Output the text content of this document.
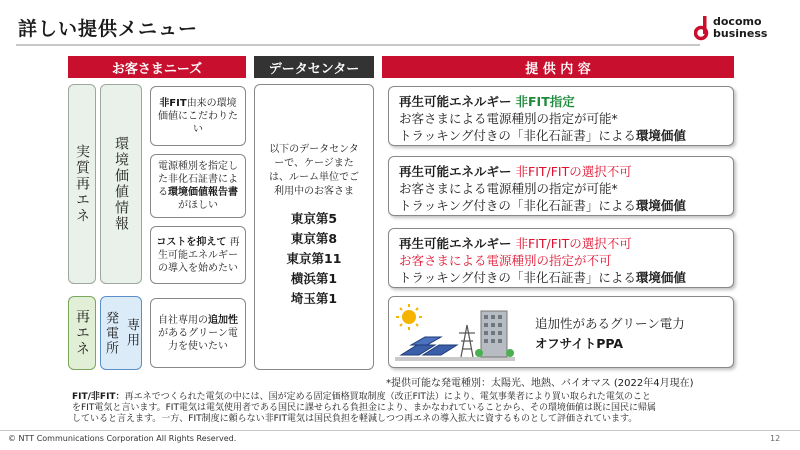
詳しい提供メニュー	docomo
business
お客さまニーズ	データセンター	提 供 内 容
実質再エネ	環境価値情報
再エネ	専用
発電所
非FIT由来の環境価値にこだわりたい
電源種別を指定した非化石証書による環境価値報告書がほしい
コストを抑えて 再生可能エネルギーの導入を始めたい
自社専用の追加性があるグリーン電力を使いたい
以下のデータセンターで、ケージまたは、ルーム単位でご利用中のお客さま
東京第5
東京第8
東京第11
横浜第1
埼玉第1
再生可能エネルギー 非FIT指定
お客さまによる電源種別の指定が可能*
トラッキング付きの「非化石証書」による環境価値
再生可能エネルギー 非FIT/FITの選択不可
お客さまによる電源種別の指定が可能*
トラッキング付きの「非化石証書」による環境価値
再生可能エネルギー 非FIT/FITの選択不可
お客さまによる電源種別の指定が不可
トラッキング付きの「非化石証書」による環境価値
追加性があるグリーン電力
オフサイトPPA
*提供可能な発電種別：太陽光、地熱、バイオマス (2022年4月現在)
FIT/非FIT：再エネでつくられた電気の中には、国が定める固定価格買取制度（改正FIT法）により、電気事業者により買い取られた電気のこと
をFIT電気と言います。FIT電気は電気使用者である国民に課せられる負担金により、まかなわれていることから、その環境価値は既に国民に帰属
していると言えます。一方、FIT制度に頼らない非FIT電気は国民負担を軽減しつつ再エネの導入拡大に資するものとして評価されています。
© NTT Communications Corporation All Rights Reserved.	12
